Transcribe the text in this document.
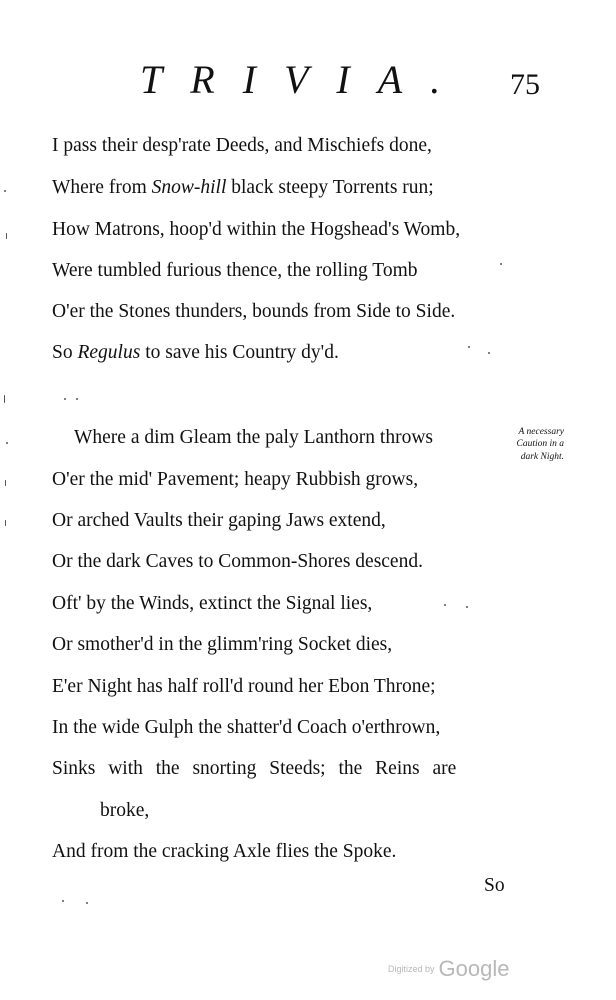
TRIVIA. 75
I pass their desp'rate Deeds, and Mischiefs done,
Where from Snow-hill black steepy Torrents run;
How Matrons, hoop'd within the Hogshead's Womb,
Were tumbled furious thence, the rolling Tomb
O'er the Stones thunders, bounds from Side to Side.
So Regulus to save his Country dy'd.
Where a dim Gleam the paly Lanthorn throws
O'er the mid' Pavement; heapy Rubbish grows,
Or arched Vaults their gaping Jaws extend,
Or the dark Caves to Common-Shores descend.
Oft' by the Winds, extinct the Signal lies,
Or smother'd in the glimm'ring Socket dies,
E'er Night has half roll'd round her Ebon Throne;
In the wide Gulph the shatter'd Coach o'erthrown,
Sinks with the snorting Steeds; the Reins are
broke,
And from the cracking Axle flies the Spoke.
A necessary
Caution in a
dark Night.
So
Digitized by Google
